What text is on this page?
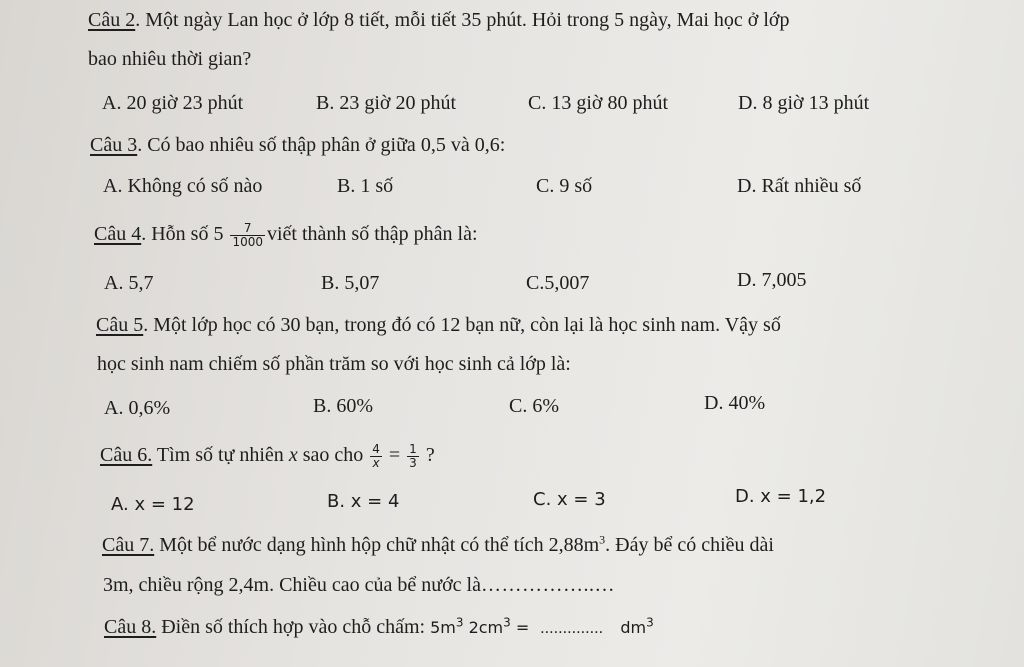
Câu 2. Một ngày Lan học ở lớp 8 tiết, mỗi tiết 35 phút. Hỏi trong 5 ngày, Mai học ở lớp
bao nhiêu thời gian?
A. 20 giờ 23 phút	B. 23 giờ 20 phút	C. 13 giờ 80 phút	D. 8 giờ 13 phút
Câu 3. Có bao nhiêu số thập phân ở giữa 0,5 và 0,6:
A. Không có số nào	B. 1 số	C. 9 số	D. Rất nhiều số
Câu 4. Hỗn số $5 \frac{7}{1000}$ viết thành số thập phân là:
A. 5,7	B. 5,07	C.5,007	D. 7,005
Câu 5. Một lớp học có 30 bạn, trong đó có 12 bạn nữ, còn lại là học sinh nam. Vậy số
học sinh nam chiếm số phần trăm so với học sinh cả lớp là:
A. 0,6%	B. 60%	C. 6%	D. 40%
Câu 6. Tìm số tự nhiên x sao cho $\frac{4}{x} = \frac{1}{3}$ ?
A. x = 12	B. x = 4	C. x = 3	D. x = 1,2
Câu 7. Một bể nước dạng hình hộp chữ nhật có thể tích $2,88m^3$. Đáy bể có chiều dài
3m, chiều rộng 2,4m. Chiều cao của bể nước là……………..…
Câu 8. Điền số thích hợp vào chỗ chấm: $5m^3$ $2cm^3$ = .............. $dm^3$
